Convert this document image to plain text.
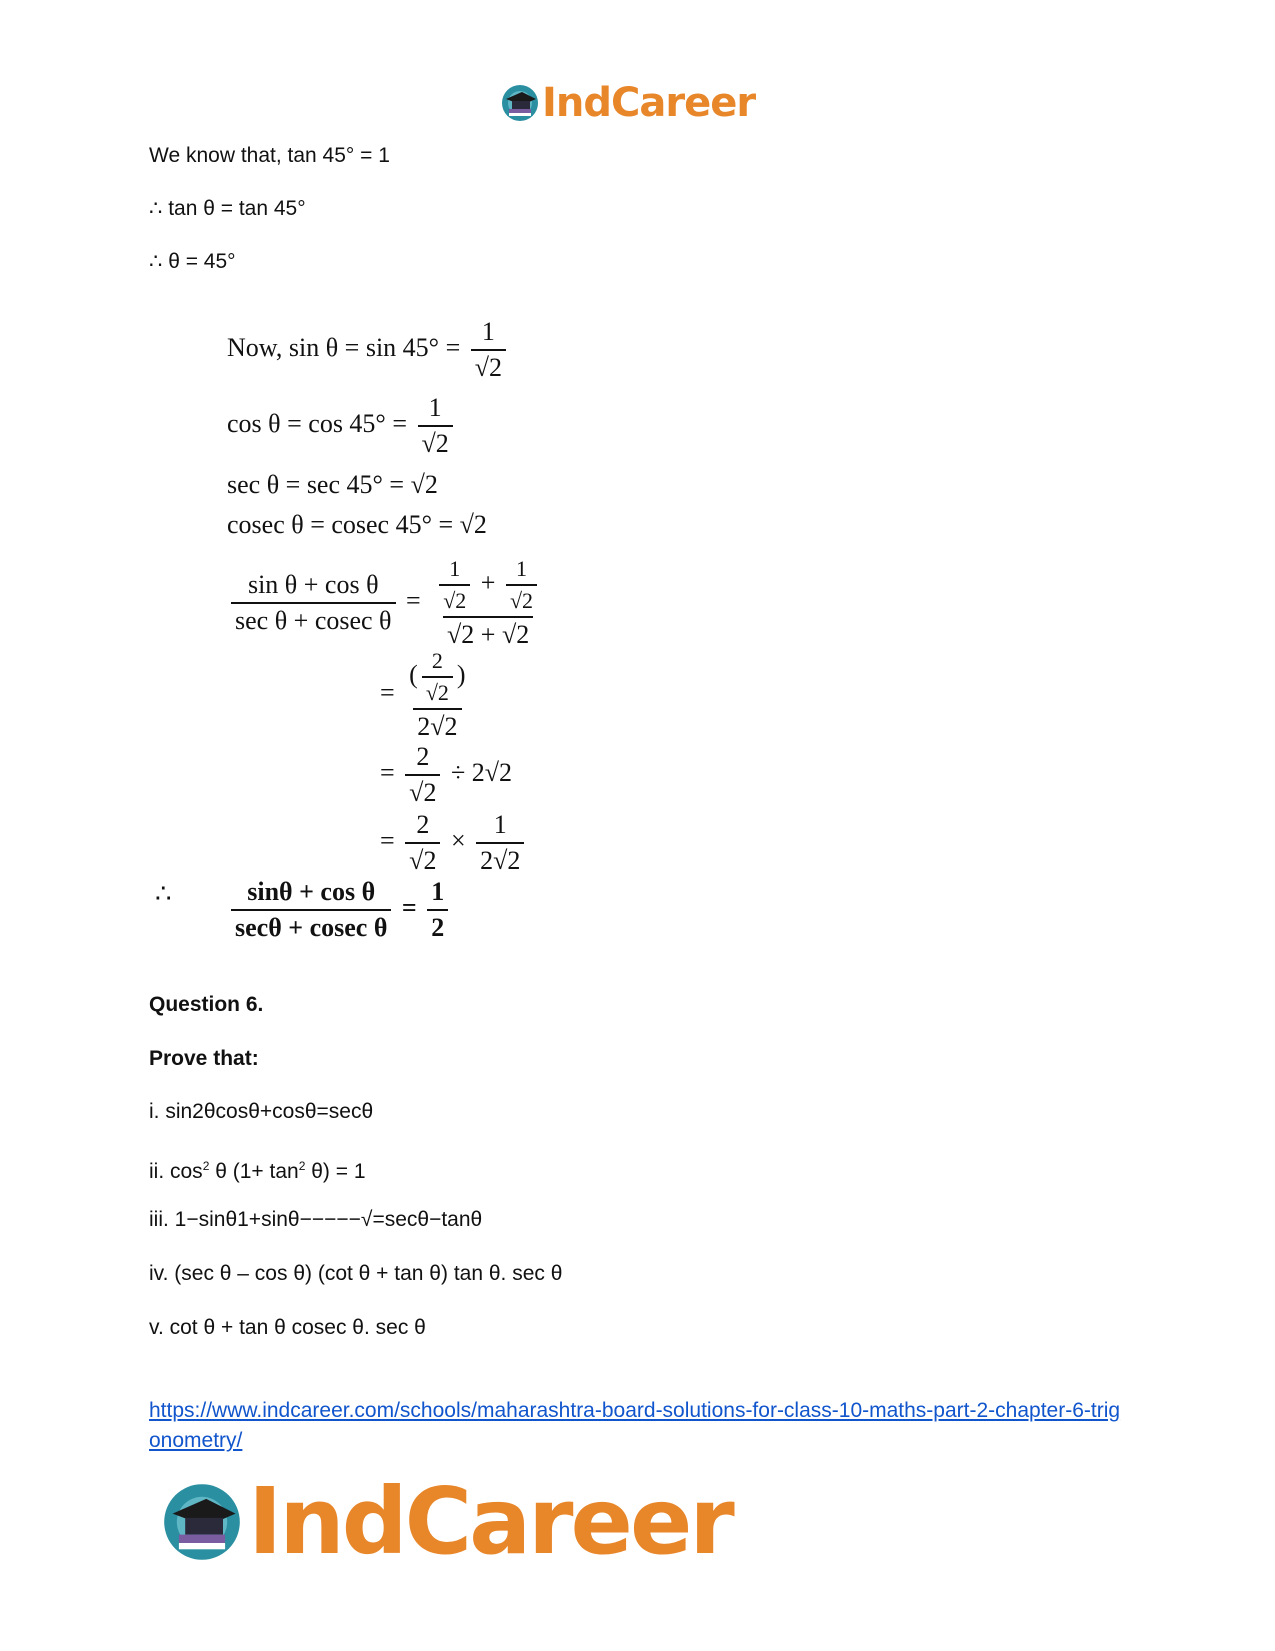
IndCareer
We know that, tan 45° = 1
∴ tan θ = tan 45°
∴ θ = 45°
Now, $\sin \theta = \sin 45^\circ = \frac{1}{√2}$
$\cos \theta = \cos 45^\circ = \frac{1}{√2}$
sec θ = sec 45° = √2
cosec θ = cosec 45° = √2
$\frac{\text{sin θ + cos θ}}{\text{sec θ + cosec θ}} = \frac{\frac{1}{√2} + \frac{1}{√2}}{√2 + √2}$
= $\frac{( \frac{2}{√2} )}{2√2}$
= $\frac{2}{√2} \div 2√2$
= $\frac{2}{√2} \times \frac{1}{2√2}$
∴ $\frac{\text{sinθ + cos θ}}{\text{secθ + cosec θ}} = \frac{1}{2}$
Question 6.
Prove that:
i. sin2θcosθ+cosθ=secθ
ii. $\cos^2 \theta$ $(1+ \tan^2 \theta) = 1$
iii. 1−sinθ1+sinθ−−−−−√=secθ−tanθ
iv. (sec θ – cos θ) (cot θ + tan θ) tan θ. sec θ
v. cot θ + tan θ cosec θ. sec θ
https://www.indcareer.com/schools/maharashtra-board-solutions-for-class-10-maths-part-2-chapter-6-trigonometry/
IndCareer
